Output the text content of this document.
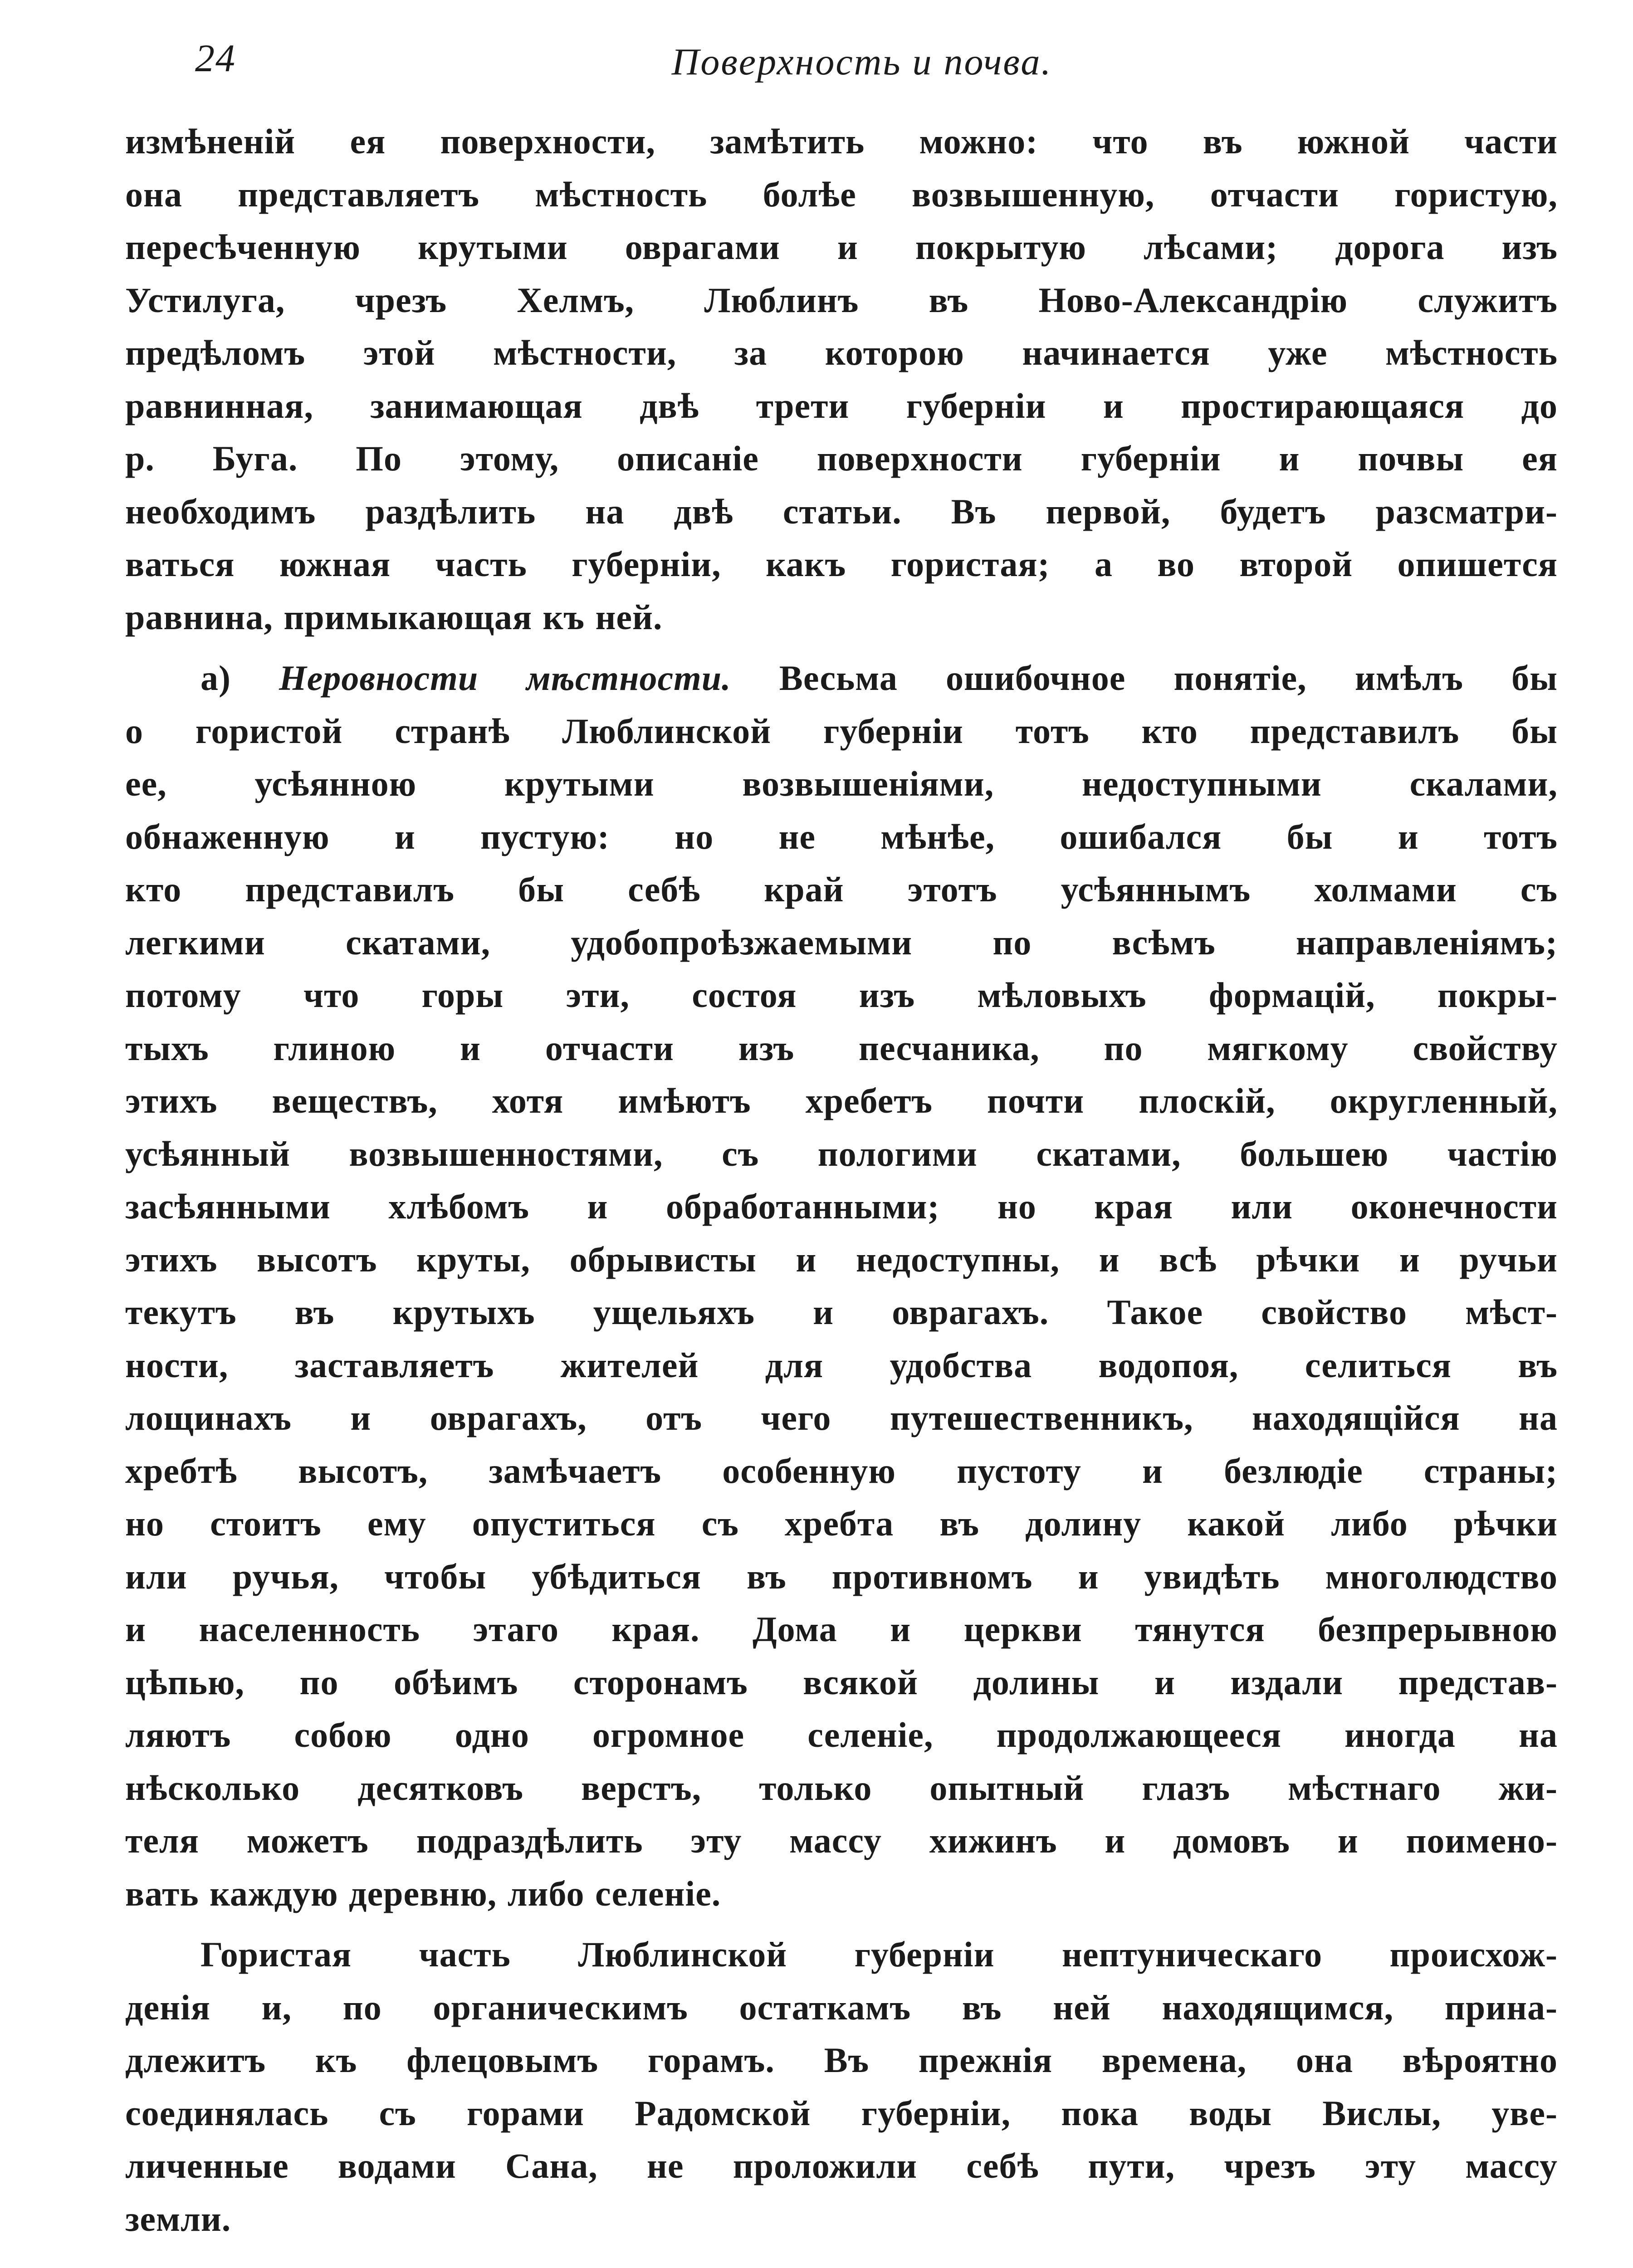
24	Поверхность и почва.
измѣненій ея поверхности, замѣтить можно: что въ южной части
она представляетъ мѣстность болѣе возвышенную, отчасти гористую,
пересѣченную крутыми оврагами и покрытую лѣсами; дорога изъ
Устилуга, чрезъ Хелмъ, Люблинъ въ Ново-Александрію служитъ
предѣломъ этой мѣстности, за которою начинается уже мѣстность
равнинная, занимающая двѣ трети губерніи и простирающаяся до
р. Буга. По этому, описаніе поверхности губерніи и почвы ея
необходимъ раздѣлить на двѣ статьи. Въ первой, будетъ разсматри-
ваться южная часть губерніи, какъ гористая; а во второй опишется
равнина, примыкающая къ ней.
а) Неровности мѣстности. Весьма ошибочное понятіе, имѣлъ бы
о гористой странѣ Люблинской губерніи тотъ кто представилъ бы
ее, усѣянною крутыми возвышеніями, недоступными скалами,
обнаженную и пустую: но не мѣнѣе, ошибался бы и тотъ
кто представилъ бы себѣ край этотъ усѣяннымъ холмами съ
легкими скатами, удобопроѣзжаемыми по всѣмъ направленіямъ;
потому что горы эти, состоя изъ мѣловыхъ формацій, покры-
тыхъ глиною и отчасти изъ песчаника, по мягкому свойству
этихъ веществъ, хотя имѣютъ хребетъ почти плоскій, округленный,
усѣянный возвышенностями, съ пологими скатами, большею частію
засѣянными хлѣбомъ и обработанными; но края или оконечности
этихъ высотъ круты, обрывисты и недоступны, и всѣ рѣчки и ручьи
текутъ въ крутыхъ ущельяхъ и оврагахъ. Такое свойство мѣст-
ности, заставляетъ жителей для удобства водопоя, селиться въ
лощинахъ и оврагахъ, отъ чего путешественникъ, находящійся на
хребтѣ высотъ, замѣчаетъ особенную пустоту и безлюдіе страны;
но стоитъ ему опуститься съ хребта въ долину какой либо рѣчки
или ручья, чтобы убѣдиться въ противномъ и увидѣть многолюдство
и населенность этаго края. Дома и церкви тянутся безпрерывною
цѣпью, по обѣимъ сторонамъ всякой долины и издали представ-
ляютъ собою одно огромное селеніе, продолжающееся иногда на
нѣсколько десятковъ верстъ, только опытный глазъ мѣстнаго жи-
теля можетъ подраздѣлить эту массу хижинъ и домовъ и поимено-
вать каждую деревню, либо селеніе.
Гористая часть Люблинской губерніи нептуническаго происхож-
денія и, по органическимъ остаткамъ въ ней находящимся, прина-
длежитъ къ флецовымъ горамъ. Въ прежнія времена, она вѣроятно
соединялась съ горами Радомской губерніи, пока воды Вислы, уве-
личенные водами Сана, не проложили себѣ пути, чрезъ эту массу
земли.
